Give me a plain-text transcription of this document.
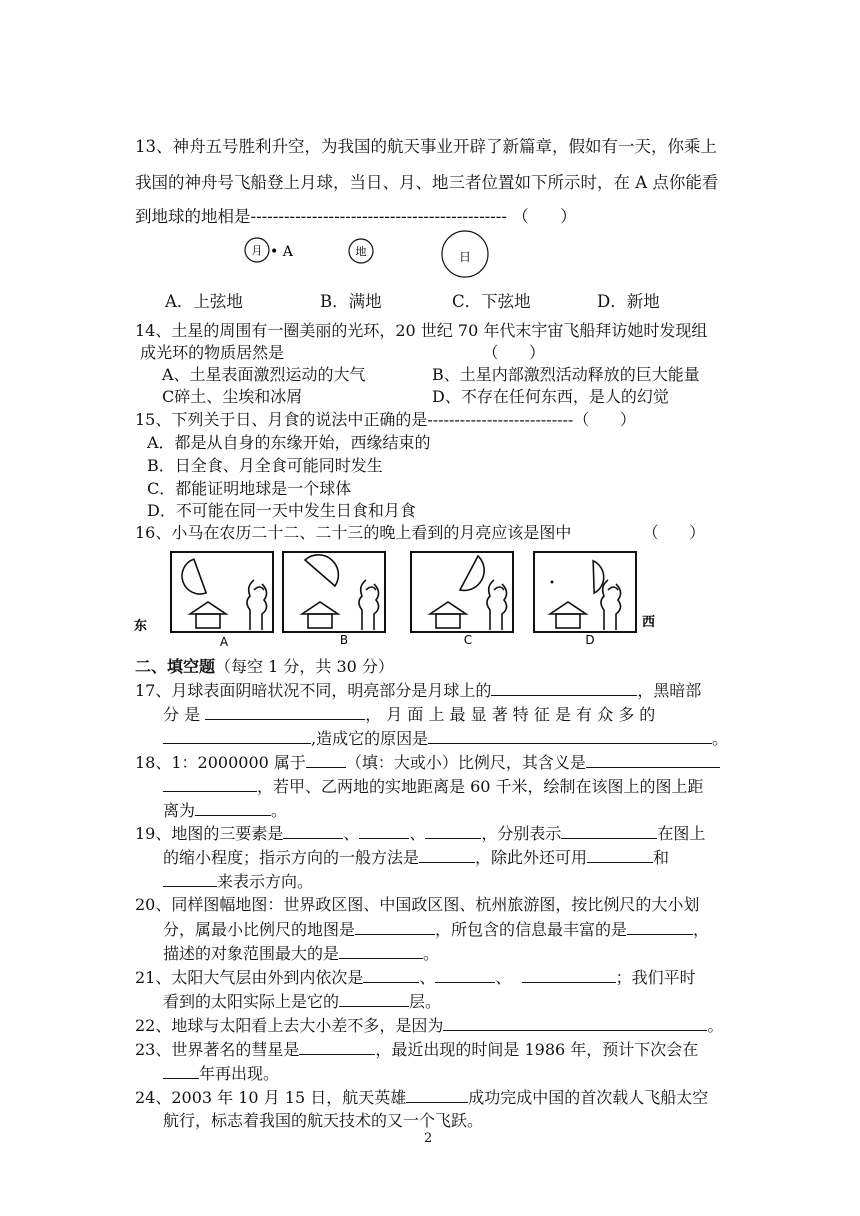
13、神舟五号胜利升空，为我国的航天事业开辟了新篇章，假如有一天，你乘上
我国的神舟号飞船登上月球，当日、月、地三者位置如下所示时，在 A 点你能看
到地球的地相是---------------------------------------------- （      ）
月 • A	地	日
A．上弦地	B．满地	C．下弦地	D．新地
14、土星的周围有一圈美丽的光环，20 世纪 70 年代末宇宙飞船拜访她时发现组
成光环的物质居然是                                       （      ）
A、土星表面激烈运动的大气	B、土星内部激烈活动释放的巨大能量
C碎土、尘埃和冰屑	D、不存在任何东西，是人的幻觉
15、下列关于日、月食的说法中正确的是---------------------------（      ）
A．都是从自身的东缘开始，西缘结束的
B．日全食、月全食可能同时发生
C．都能证明地球是一个球体
D．不可能在同一天中发生日食和月食
16、小马在农历二十二、二十三的晚上看到的月亮应该是图中              （      ）
东	西
A	B	C	D
二、填空题（每空 1 分，共 30 分）
17、月球表面阴暗状况不同，明亮部分是月球上的	，黑暗部
分 是	， 月 面 上 最 显 著 特 征 是 有 众 多 的
,造成它的原因是	。
18、1：2000000 属于	（填：大或小）比例尺，其含义是
，若甲、乙两地的实地距离是 60 千米，绘制在该图上的图上距
离为	。
19、地图的三要素是	、	、	，分别表示	在图上
的缩小程度；指示方向的一般方法是	，除此外还可用	和
来表示方向。
20、同样图幅地图：世界政区图、中国政区图、杭州旅游图，按比例尺的大小划
分，属最小比例尺的地图是	，所包含的信息最丰富的是	，
描述的对象范围最大的是	。
21、太阳大气层由外到内依次是	、	、	；我们平时
看到的太阳实际上是它的	层。
22、地球与太阳看上去大小差不多，是因为	。
23、世界著名的彗星是	，最近出现的时间是 1986 年，预计下次会在
年再出现。
24、2003 年 10 月 15 日，航天英雄	成功完成中国的首次载人飞船太空
航行，标志着我国的航天技术的又一个飞跃。
2
